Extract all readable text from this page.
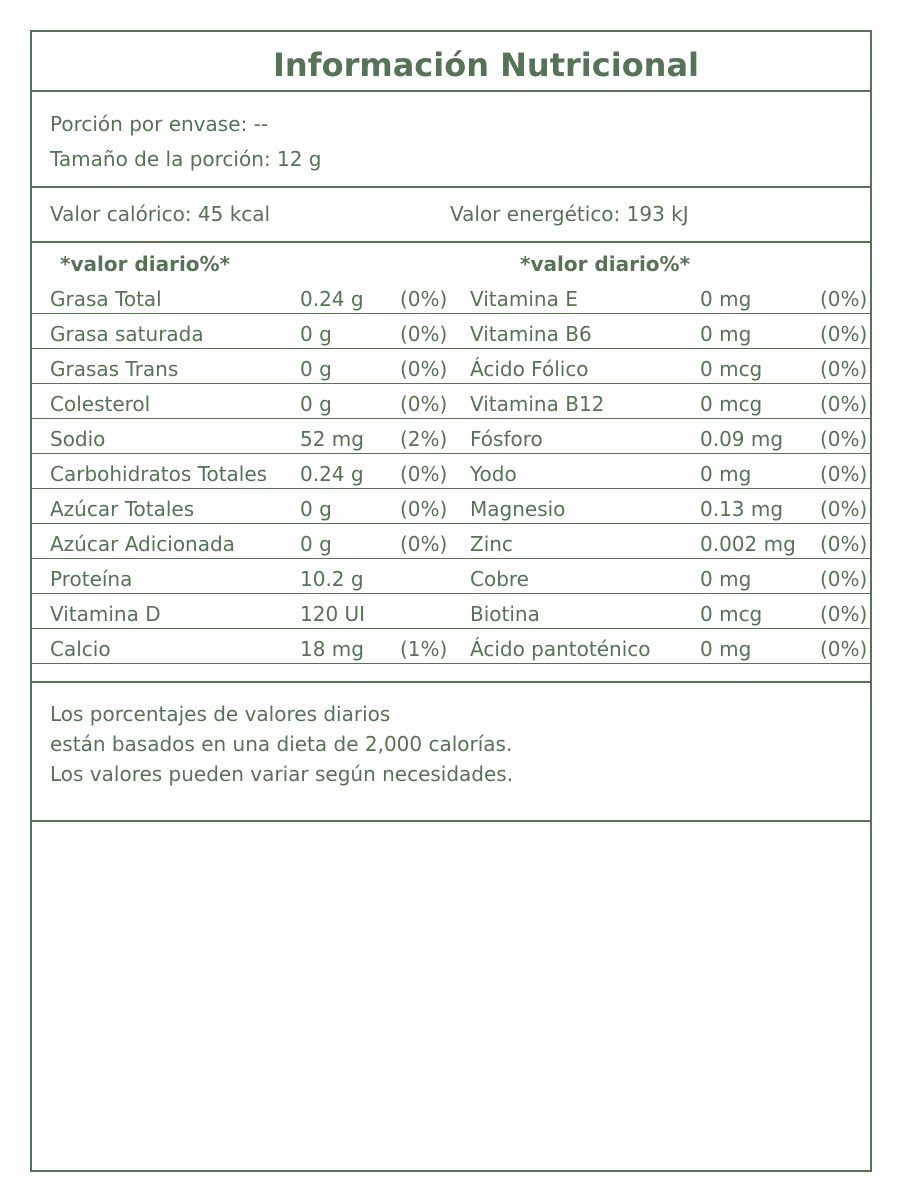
Información Nutricional
Porción por envase: --
Tamaño de la porción: 12 g
Valor calórico: 45 kcal	Valor energético: 193 kJ
*valor diario%*	*valor diario%*
Grasa Total	0.24 g (0%) Vitamina E	0 mg	(0%)
Grasa saturada	0 g	(0%) Vitamina B6	0 mg	(0%)
Grasas Trans	0 g	(0%) Ácido Fólico	0 mcg	(0%)
Colesterol	0 g	(0%) Vitamina B12	0 mcg	(0%)
Sodio	52 mg (2%) Fósforo	0.09 mg (0%)
Carbohidratos Totales 0.24 g (0%) Yodo	0 mg	(0%)
Azúcar Totales	0 g	(0%) Magnesio	0.13 mg (0%)
Azúcar Adicionada	0 g	(0%) Zinc	0.002 mg (0%)
Proteína	10.2 g	Cobre	0 mg	(0%)
Vitamina D	120 UI	Biotina	0 mcg	(0%)
Calcio	18 mg (1%) Ácido pantoténico 0 mg	(0%)
Los porcentajes de valores diarios
están basados en una dieta de 2,000 calorías.
Los valores pueden variar según necesidades.
